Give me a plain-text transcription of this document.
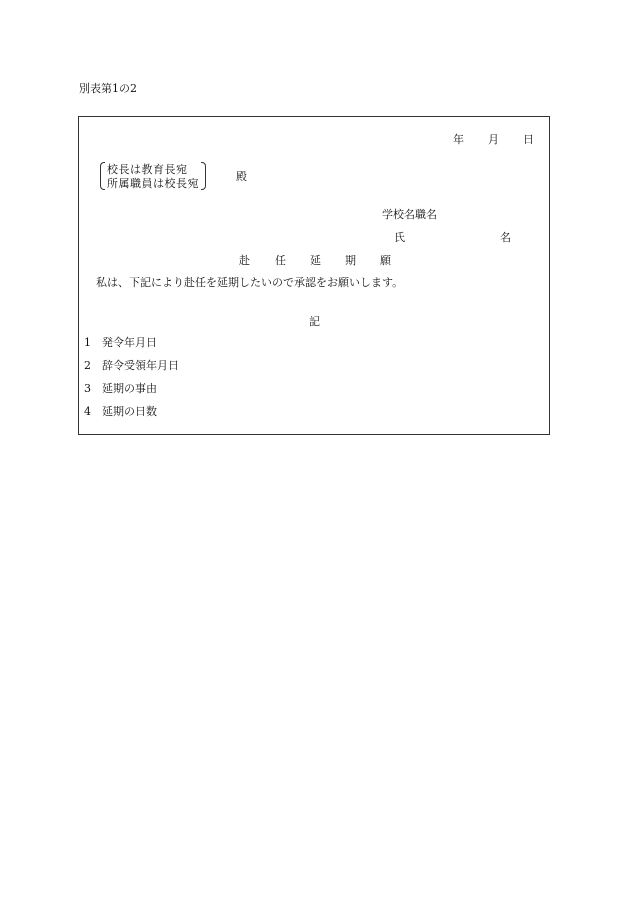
別表第1の2
年 月 日
校長は教育長宛
所属職員は校長宛
殿
学校名職名
氏	名
赴 任 延 期 願
私は、下記により赴任を延期したいので承認をお願いします。
記
1 発令年月日
2 辞令受領年月日
3 延期の事由
4 延期の日数
